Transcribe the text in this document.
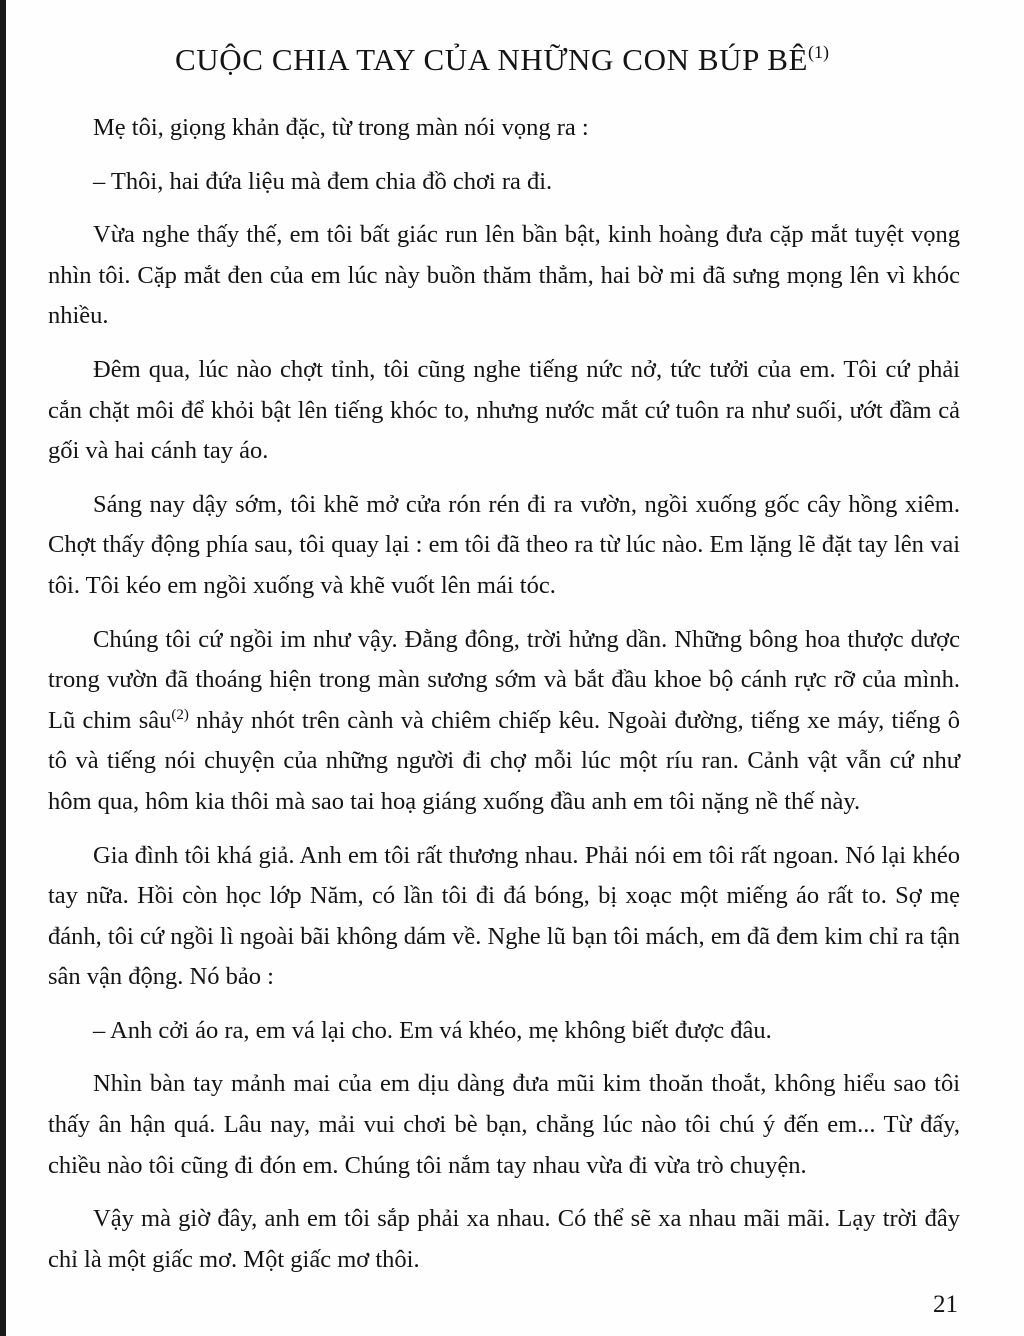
CUỘC CHIA TAY CỦA NHỮNG CON BÚP BÊ$^{(1)}$

Mẹ tôi, giọng khản đặc, từ trong màn nói vọng ra :

– Thôi, hai đứa liệu mà đem chia đồ chơi ra đi.

Vừa nghe thấy thế, em tôi bất giác run lên bần bật, kinh hoàng đưa cặp mắt tuyệt vọng nhìn tôi. Cặp mắt đen của em lúc này buồn thăm thẳm, hai bờ mi đã sưng mọng lên vì khóc nhiều.

Đêm qua, lúc nào chợt tỉnh, tôi cũng nghe tiếng nức nở, tức tưởi của em. Tôi cứ phải cắn chặt môi để khỏi bật lên tiếng khóc to, nhưng nước mắt cứ tuôn ra như suối, ướt đầm cả gối và hai cánh tay áo.

Sáng nay dậy sớm, tôi khẽ mở cửa rón rén đi ra vườn, ngồi xuống gốc cây hồng xiêm. Chợt thấy động phía sau, tôi quay lại : em tôi đã theo ra từ lúc nào. Em lặng lẽ đặt tay lên vai tôi. Tôi kéo em ngồi xuống và khẽ vuốt lên mái tóc.

Chúng tôi cứ ngồi im như vậy. Đằng đông, trời hửng dần. Những bông hoa thược dược trong vườn đã thoáng hiện trong màn sương sớm và bắt đầu khoe bộ cánh rực rỡ của mình. Lũ chim sâu$^{(2)}$ nhảy nhót trên cành và chiêm chiếp kêu. Ngoài đường, tiếng xe máy, tiếng ô tô và tiếng nói chuyện của những người đi chợ mỗi lúc một ríu ran. Cảnh vật vẫn cứ như hôm qua, hôm kia thôi mà sao tai hoạ giáng xuống đầu anh em tôi nặng nề thế này.

Gia đình tôi khá giả. Anh em tôi rất thương nhau. Phải nói em tôi rất ngoan. Nó lại khéo tay nữa. Hồi còn học lớp Năm, có lần tôi đi đá bóng, bị xoạc một miếng áo rất to. Sợ mẹ đánh, tôi cứ ngồi lì ngoài bãi không dám về. Nghe lũ bạn tôi mách, em đã đem kim chỉ ra tận sân vận động. Nó bảo :

– Anh cởi áo ra, em vá lại cho. Em vá khéo, mẹ không biết được đâu.

Nhìn bàn tay mảnh mai của em dịu dàng đưa mũi kim thoăn thoắt, không hiểu sao tôi thấy ân hận quá. Lâu nay, mải vui chơi bè bạn, chẳng lúc nào tôi chú ý đến em... Từ đấy, chiều nào tôi cũng đi đón em. Chúng tôi nắm tay nhau vừa đi vừa trò chuyện.

Vậy mà giờ đây, anh em tôi sắp phải xa nhau. Có thể sẽ xa nhau mãi mãi. Lạy trời đây chỉ là một giấc mơ. Một giấc mơ thôi.

21
